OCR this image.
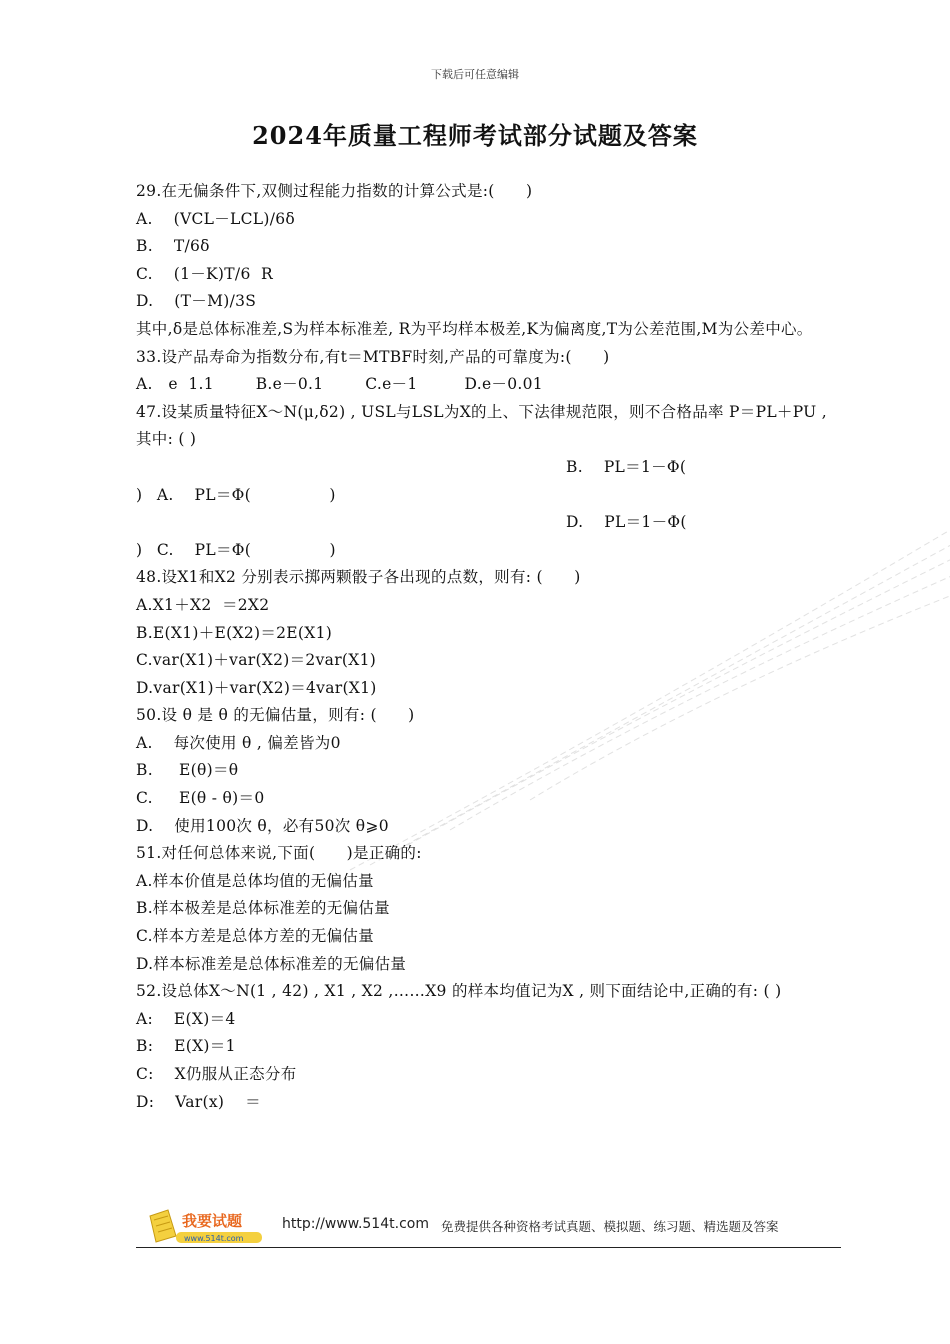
下载后可任意编辑
2024年质量工程师考试部分试题及答案
29.在无偏条件下,双侧过程能力指数的计算公式是:(      )
A.    (VCL－LCL)/6δ
B.    T/6δ
C.    (1－K)T/6  R
D.    (T－M)/3S
其中,δ是总体标准差,S为样本标准差, R为平均样本极差,K为偏离度,T为公差范围,M为公差中心。
33.设产品寿命为指数分布,有t＝MTBF时刻,产品的可靠度为:(      )
A.   e  1.1        B.e－0.1        C.e－1         D.e－0.01
47.设某质量特征X～N(μ,δ2) , USL与LSL为X的上、下法律规范限，则不合格品率 P＝PL＋PU ,其中: ( )

A.    PL＝Φ(               )

B.    PL＝1－Φ(

)

C.    PL＝Φ(               )

D.    PL＝1－Φ(

)
48.设X1和X2 分别表示掷两颗骰子各出现的点数，则有: (      )
A.X1＋X2  ＝2X2
B.E(X1)＋E(X2)＝2E(X1)
C.var(X1)＋var(X2)＝2var(X1)
D.var(X1)＋var(X2)＝4var(X1)
50.设 θ 是 θ 的无偏估量，则有: (      )
A.    每次使用 θ , 偏差皆为0
B.     E(θ)＝θ
C.     E(θ - θ)＝0
D.    使用100次 θ，必有50次 θ⩾0
51.对任何总体来说,下面(      )是正确的:
A.样本价值是总体均值的无偏估量
B.样本极差是总体标准差的无偏估量
C.样本方差是总体方差的无偏估量
D.样本标准差是总体标准差的无偏估量
52.设总体X～N(1 , 42) , X1 , X2 ,……X9 的样本均值记为X , 则下面结论中,正确的有: ( )
A:    E(X)＝4
B:    E(X)＝1
C:    X仍服从正态分布
D:    Var(x)    ＝
我要试题
www.514t.com
http://www.514t.com 免费提供各种资格考试真题、模拟题、练习题、精选题及答案
